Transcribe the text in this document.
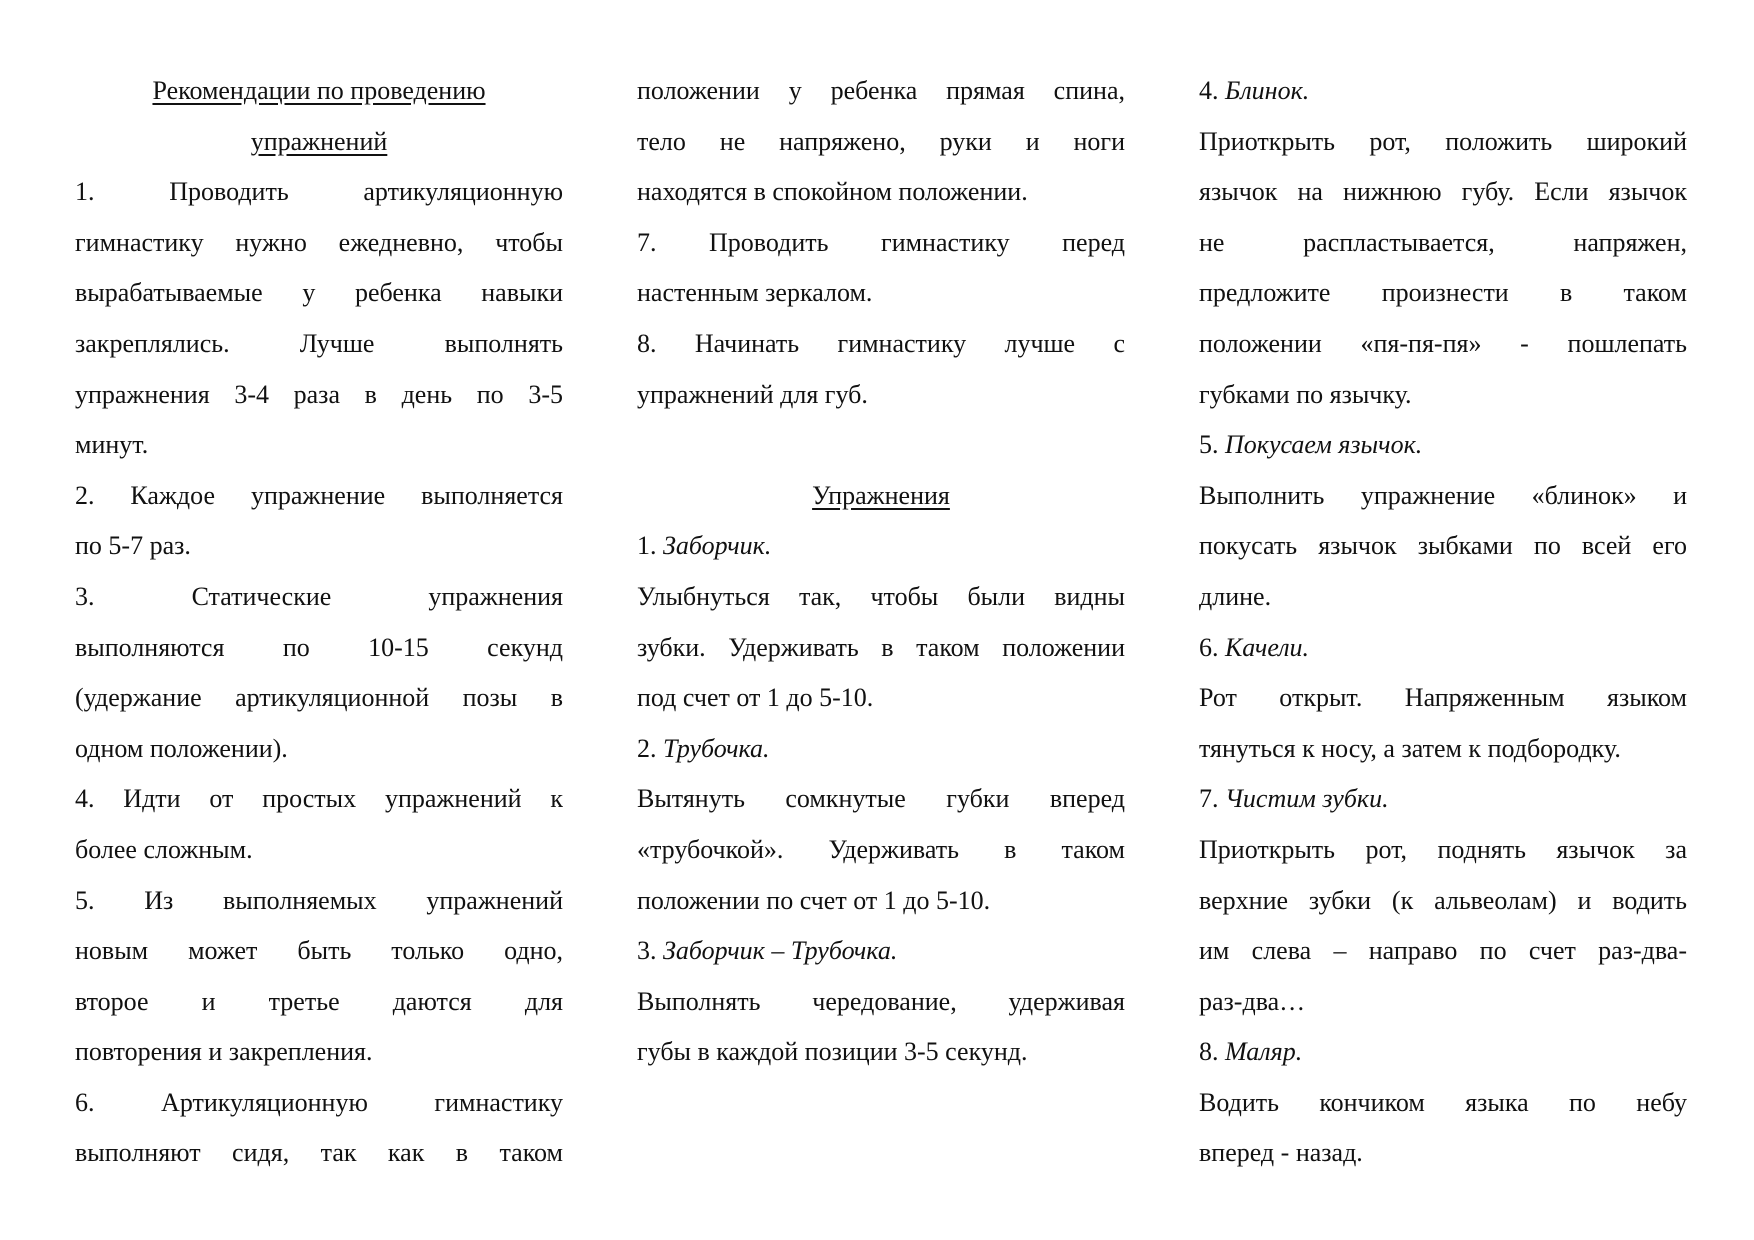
Рекомендации по проведению
упражнений
1. Проводить артикуляционную
гимнастику нужно ежедневно, чтобы
вырабатываемые у ребенка навыки
закреплялись. Лучше выполнять
упражнения 3-4 раза в день по 3-5
минут.
2. Каждое упражнение выполняется
по 5-7 раз.
3. Статические упражнения
выполняются по 10-15 секунд
(удержание артикуляционной позы в
одном положении).
4. Идти от простых упражнений к
более сложным.
5. Из выполняемых упражнений
новым может быть только одно,
второе и третье даются для
повторения и закрепления.
6. Артикуляционную гимнастику
выполняют сидя, так как в таком
положении у ребенка прямая спина,
тело не напряжено, руки и ноги
находятся в спокойном положении.
7. Проводить гимнастику перед
настенным зеркалом.
8. Начинать гимнастику лучше с
упражнений для губ.

Упражнения
1. Заборчик.
Улыбнуться так, чтобы были видны
зубки. Удерживать в таком положении
под счет от 1 до 5-10.
2. Трубочка.
Вытянуть сомкнутые губки вперед
«трубочкой». Удерживать в таком
положении по счет от 1 до 5-10.
3. Заборчик – Трубочка.
Выполнять чередование, удерживая
губы в каждой позиции 3-5 секунд.
4. Блинок.
Приоткрыть рот, положить широкий
язычок на нижнюю губу. Если язычок
не распластывается, напряжен,
предложите произнести в таком
положении «пя-пя-пя» - пошлепать
губками по язычку.
5. Покусаем язычок.
Выполнить упражнение «блинок» и
покусать язычок зыбками по всей его
длине.
6. Качели.
Рот открыт. Напряженным языком
тянуться к носу, а затем к подбородку.
7. Чистим зубки.
Приоткрыть рот, поднять язычок за
верхние зубки (к альвеолам) и водить
им слева – направо по счет раз-два-
раз-два…
8. Маляр.
Водить кончиком языка по небу
вперед - назад.
